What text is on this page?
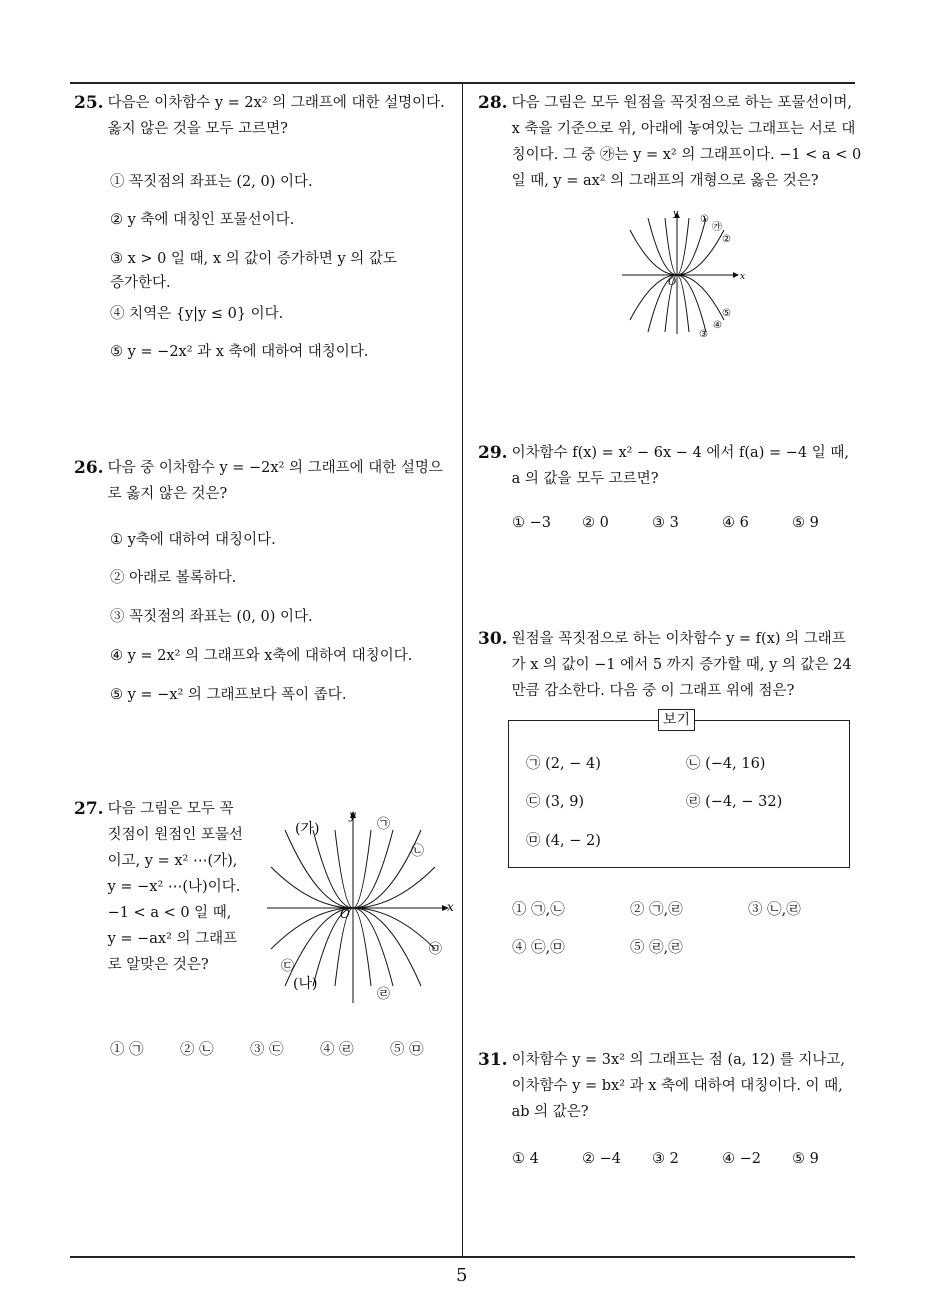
5
25. 다음은 이차함수 y = 2x² 의 그래프에 대한 설명이다.
옳지 않은 것을 모두 고르면?
① 꼭짓점의 좌표는 (2, 0) 이다.
② y 축에 대칭인 포물선이다.
③ x > 0 일 때, x 의 값이 증가하면 y 의 값도
증가한다.
④ 치역은 {y|y ≤ 0} 이다.
⑤ y = −2x² 과 x 축에 대하여 대칭이다.
26. 다음 중 이차함수 y = −2x² 의 그래프에 대한 설명으
로 옳지 않은 것은?
① y축에 대하여 대칭이다.
② 아래로 볼록하다.
③ 꼭짓점의 좌표는 (0, 0) 이다.
④ y = 2x² 의 그래프와 x축에 대하여 대칭이다.
⑤ y = −x² 의 그래프보다 폭이 좁다.
27. 다음 그림은 모두 꼭
짓점이 원점인 포물선
이고, y = x² ⋯(가),
y = −x² ⋯(나)이다.
−1 < a < 0 일 때,
y = −ax² 의 그래프
로 알맞은 것은?
(가)
y
x
O
㉠
㉡
㉢
(나)
㉣
㉤
① ㉠	② ㉡	③ ㉢	④ ㉣	⑤ ㉤
28. 다음 그림은 모두 원점을 꼭짓점으로 하는 포물선이며,
x 축을 기준으로 위, 아래에 놓여있는 그래프는 서로 대
칭이다. 그 중 ㉮는 y = x² 의 그래프이다. −1 < a < 0
일 때, y = ax² 의 그래프의 개형으로 옳은 것은?
y
x
O
①
㉮
②
⑤
④
③
29. 이차함수 f(x) = x² − 6x − 4 에서 f(a) = −4 일 때,
a 의 값을 모두 고르면?
① −3	② 0	③ 3	④ 6	⑤ 9
30. 원점을 꼭짓점으로 하는 이차함수 y = f(x) 의 그래프
가 x 의 값이 −1 에서 5 까지 증가할 때, y 의 값은 24
만큼 감소한다. 다음 중 이 그래프 위에 점은?
보기
㉠ (2, − 4)	㉡ (−4, 16)
㉢ (3, 9)	㉣ (−4, − 32)
㉤ (4, − 2)
① ㉠,㉡	② ㉠,㉣	③ ㉡,㉣
④ ㉢,㉤	⑤ ㉣,㉣
31. 이차함수 y = 3x² 의 그래프는 점 (a, 12) 를 지나고,
이차함수 y = bx² 과 x 축에 대하여 대칭이다. 이 때,
ab 의 값은?
① 4	② −4	③ 2	④ −2	⑤ 9
